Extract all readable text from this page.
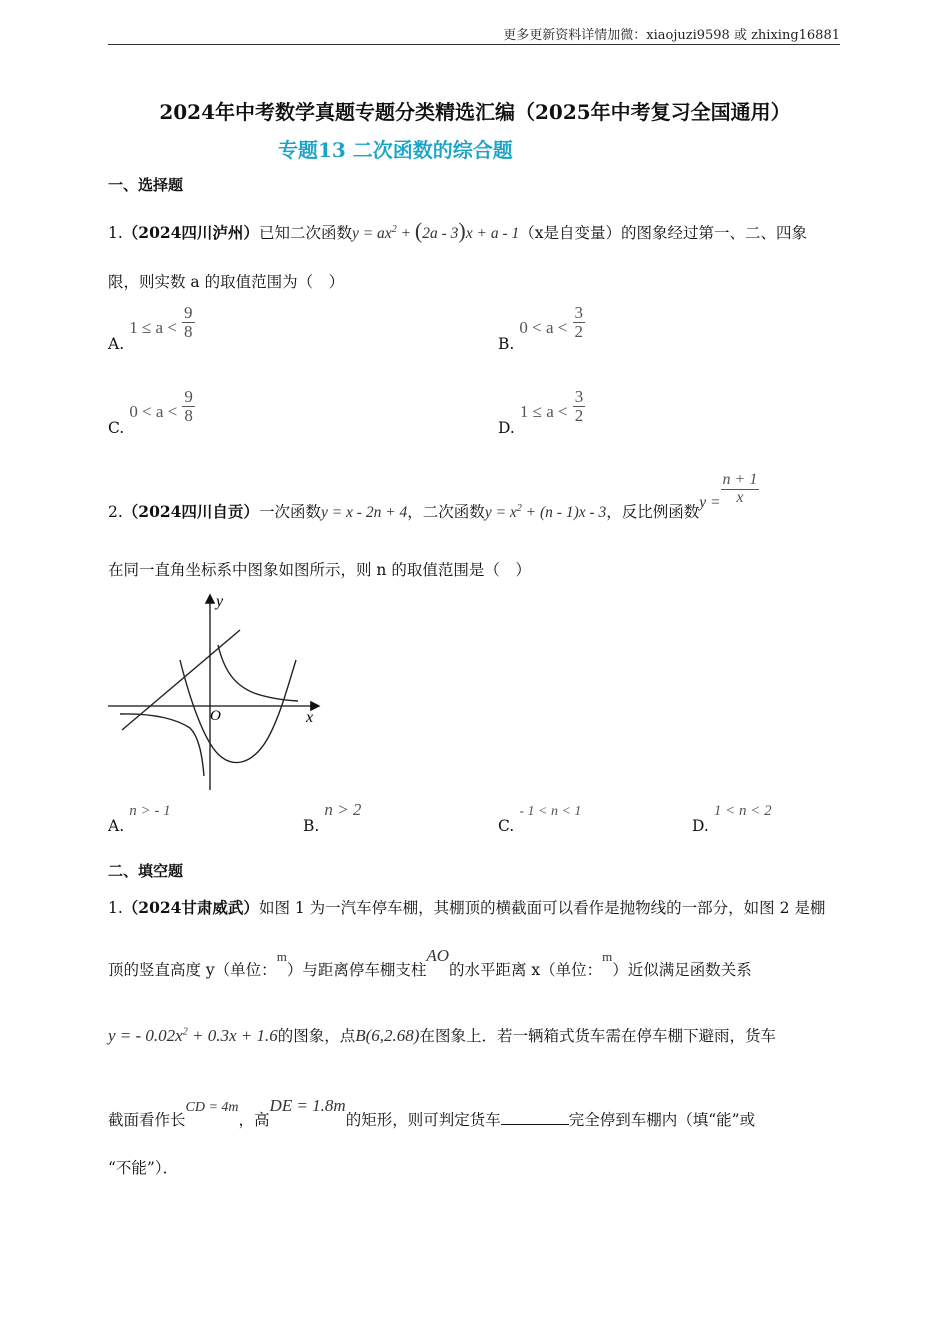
更多更新资料详情加微：xiaojuzi9598 或 zhixing16881
2024年中考数学真题专题分类精选汇编（2025年中考复习全国通用）
专题13 二次函数的综合题
一、选择题
1.（2024四川泸州）已知二次函数$y = ax^2 + (2a - 3)x + a - 1(x$是自变量）的图象经过第一、二、四象
限，则实数 a 的取值范围为（　）
A. $1 \le a < \frac{9}{8}$
B. $0 < a < \frac{3}{2}$
C. $0 < a < \frac{9}{8}$
D. $1 \le a < \frac{3}{2}$
2.（2024四川自贡）一次函数y = x - 2n + 4，二次函数$y = x^2 + (n - 1)x - 3$，反比例函数$y = \frac{n + 1}{x}$
在同一直角坐标系中图象如图所示，则 n 的取值范围是（　）
y
x
O
A. n > - 1
B. n > 2
C. - 1 < n < 1
D. 1 < n < 2
二、填空题
1.（2024甘肃威武）如图 1 为一汽车停车棚，其棚顶的横截面可以看作是抛物线的一部分，如图 2 是棚
顶的竖直高度 y（单位：m）与距离停车棚支柱AO的水平距离 x（单位：m）近似满足函数关系
y = - $0.02x^2 + 0.3x + 1.6$的图象，点B(6,2.68)在图象上．若一辆箱式货车需在停车棚下避雨，货车
截面看作长CD = 4m，高DE = 1.8m的矩形，则可判定货车	完全停到车棚内（填“能”或
“不能”）．
